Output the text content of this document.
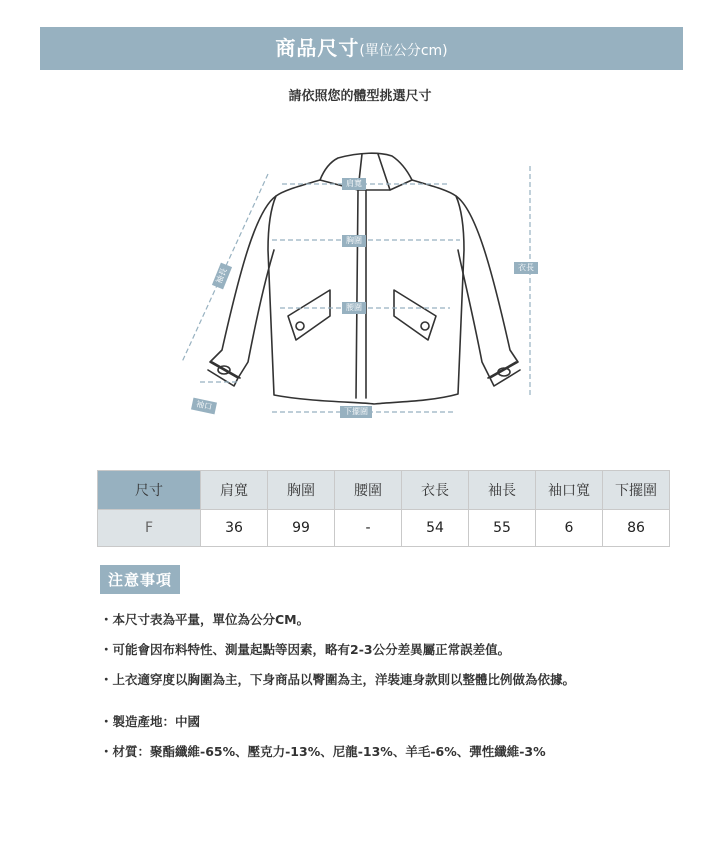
商品尺寸(單位公分cm)
請依照您的體型挑選尺寸
肩寬
胸圍
腰圍
衣長
袖長
袖口	下擺圍
尺寸	肩寬	胸圍	腰圍	衣長	袖長	袖口寬	下擺圍
F	36	99	-	54	55	6	86
注意事項
・本尺寸表為平量，單位為公分CM。
・可能會因布料特性、測量起點等因素，略有2-3公分差異屬正常誤差值。
・上衣適穿度以胸圍為主，下身商品以臀圍為主，洋裝連身款則以整體比例做為依據。
・製造產地：中國
・材質：聚酯纖維-65%、壓克力-13%、尼龍-13%、羊毛-6%、彈性纖維-3%
